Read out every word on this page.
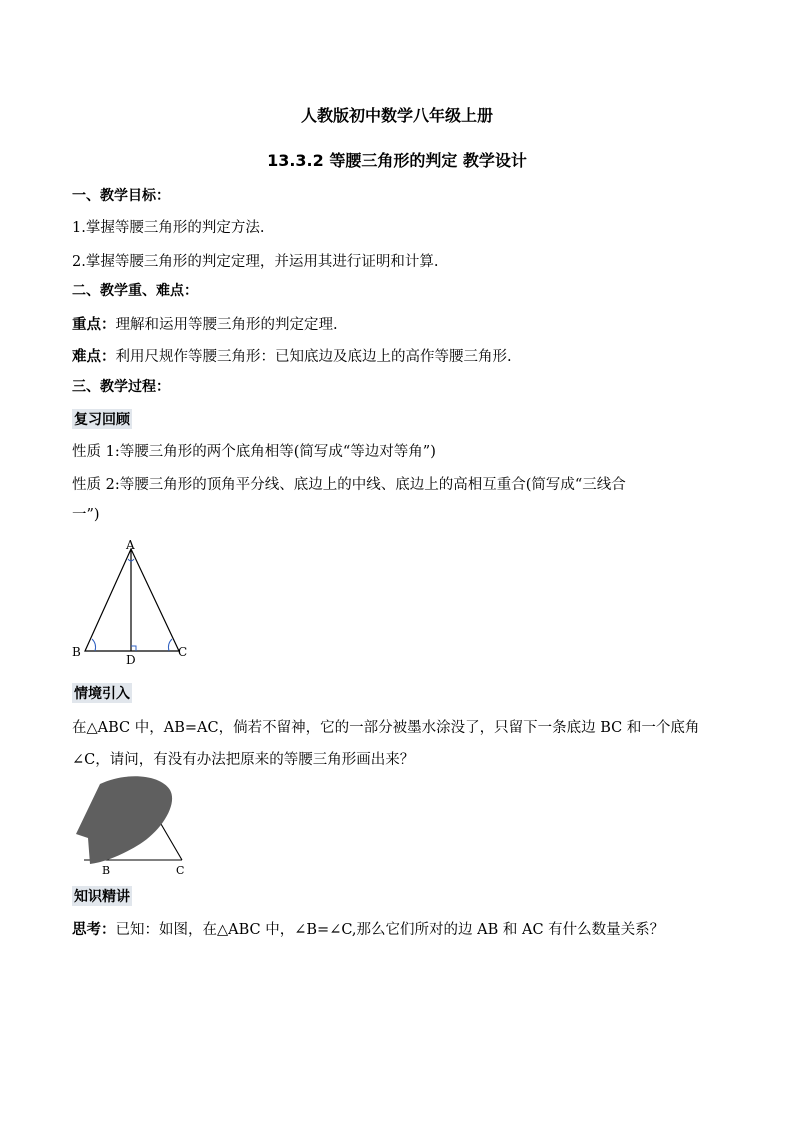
人教版初中数学八年级上册
13.3.2 等腰三角形的判定 教学设计
一、教学目标：
1.掌握等腰三角形的判定方法.
2.掌握等腰三角形的判定定理，并运用其进行证明和计算.
二、教学重、难点：
重点：理解和运用等腰三角形的判定定理.
难点：利用尺规作等腰三角形：已知底边及底边上的高作等腰三角形.
三、教学过程：
复习回顾
性质 1:等腰三角形的两个底角相等(简写成“等边对等角”)
性质 2:等腰三角形的顶角平分线、底边上的中线、底边上的高相互重合(简写成“三线合
一”)
A
B
D
C
情境引入
在△ABC 中，AB=AC，倘若不留神，它的一部分被墨水涂没了，只留下一条底边 BC 和一个底角
∠C，请问，有没有办法把原来的等腰三角形画出来？
B	C
知识精讲
思考：已知：如图，在△ABC 中，∠B=∠C,那么它们所对的边 AB 和 AC 有什么数量关系？
